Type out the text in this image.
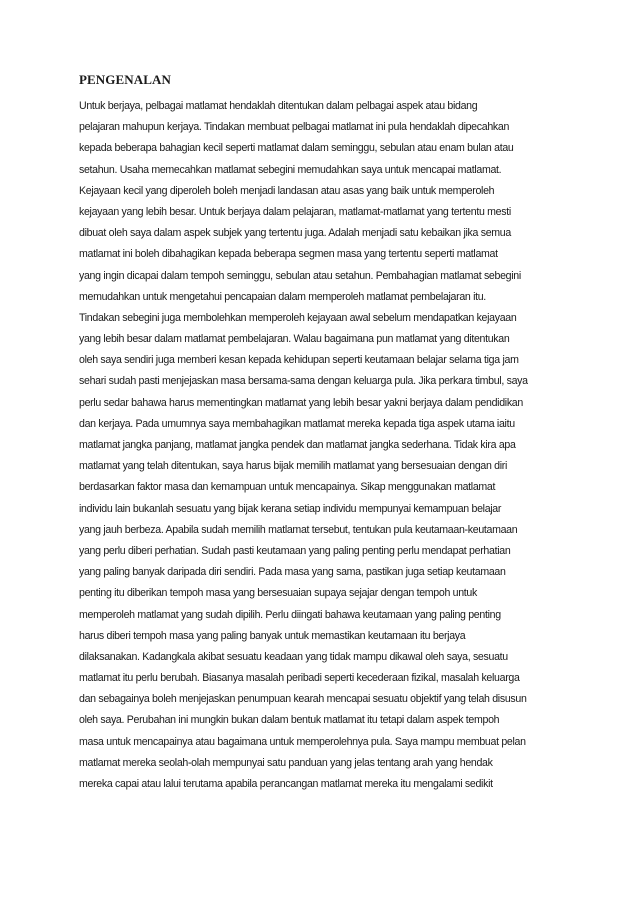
PENGENALAN
Untuk berjaya, pelbagai matlamat hendaklah ditentukan dalam pelbagai aspek atau bidang
pelajaran mahupun kerjaya. Tindakan membuat pelbagai matlamat ini pula hendaklah dipecahkan
kepada beberapa bahagian kecil seperti matlamat dalam seminggu, sebulan atau enam bulan atau
setahun. Usaha memecahkan matlamat sebegini memudahkan saya untuk mencapai matlamat.
Kejayaan kecil yang diperoleh boleh menjadi landasan atau asas yang baik untuk memperoleh
kejayaan yang lebih besar. Untuk berjaya dalam pelajaran, matlamat-matlamat yang tertentu mesti
dibuat oleh saya dalam aspek subjek yang tertentu juga. Adalah menjadi satu kebaikan jika semua
matlamat ini boleh dibahagikan kepada beberapa segmen masa yang tertentu seperti matlamat
yang ingin dicapai dalam tempoh seminggu, sebulan atau setahun. Pembahagian matlamat sebegini
memudahkan untuk mengetahui pencapaian dalam memperoleh matlamat pembelajaran itu.
Tindakan sebegini juga membolehkan memperoleh kejayaan awal sebelum mendapatkan kejayaan
yang lebih besar dalam matlamat pembelajaran. Walau bagaimana pun matlamat yang ditentukan
oleh saya sendiri juga memberi kesan kepada kehidupan seperti keutamaan belajar selama tiga jam
sehari sudah pasti menjejaskan masa bersama-sama dengan keluarga pula. Jika perkara timbul, saya
perlu sedar bahawa harus mementingkan matlamat yang lebih besar yakni berjaya dalam pendidikan
dan kerjaya. Pada umumnya saya membahagikan matlamat mereka kepada tiga aspek utama iaitu
matlamat jangka panjang, matlamat jangka pendek dan matlamat jangka sederhana. Tidak kira apa
matlamat yang telah ditentukan, saya harus bijak memilih matlamat yang bersesuaian dengan diri
berdasarkan faktor masa dan kemampuan untuk mencapainya. Sikap menggunakan matlamat
individu lain bukanlah sesuatu yang bijak kerana setiap individu mempunyai kemampuan belajar
yang jauh berbeza. Apabila sudah memilih matlamat tersebut, tentukan pula keutamaan-keutamaan
yang perlu diberi perhatian. Sudah pasti keutamaan yang paling penting perlu mendapat perhatian
yang paling banyak daripada diri sendiri. Pada masa yang sama, pastikan juga setiap keutamaan
penting itu diberikan tempoh masa yang bersesuaian supaya sejajar dengan tempoh untuk
memperoleh matlamat yang sudah dipilih. Perlu diingati bahawa keutamaan yang paling penting
harus diberi tempoh masa yang paling banyak untuk memastikan keutamaan itu berjaya
dilaksanakan. Kadangkala akibat sesuatu keadaan yang tidak mampu dikawal oleh saya, sesuatu
matlamat itu perlu berubah. Biasanya masalah peribadi seperti kecederaan fizikal, masalah keluarga
dan sebagainya boleh menjejaskan penumpuan kearah mencapai sesuatu objektif yang telah disusun
oleh saya. Perubahan ini mungkin bukan dalam bentuk matlamat itu tetapi dalam aspek tempoh
masa untuk mencapainya atau bagaimana untuk memperolehnya pula. Saya mampu membuat pelan
matlamat mereka seolah-olah mempunyai satu panduan yang jelas tentang arah yang hendak
mereka capai atau lalui terutama apabila perancangan matlamat mereka itu mengalami sedikit
